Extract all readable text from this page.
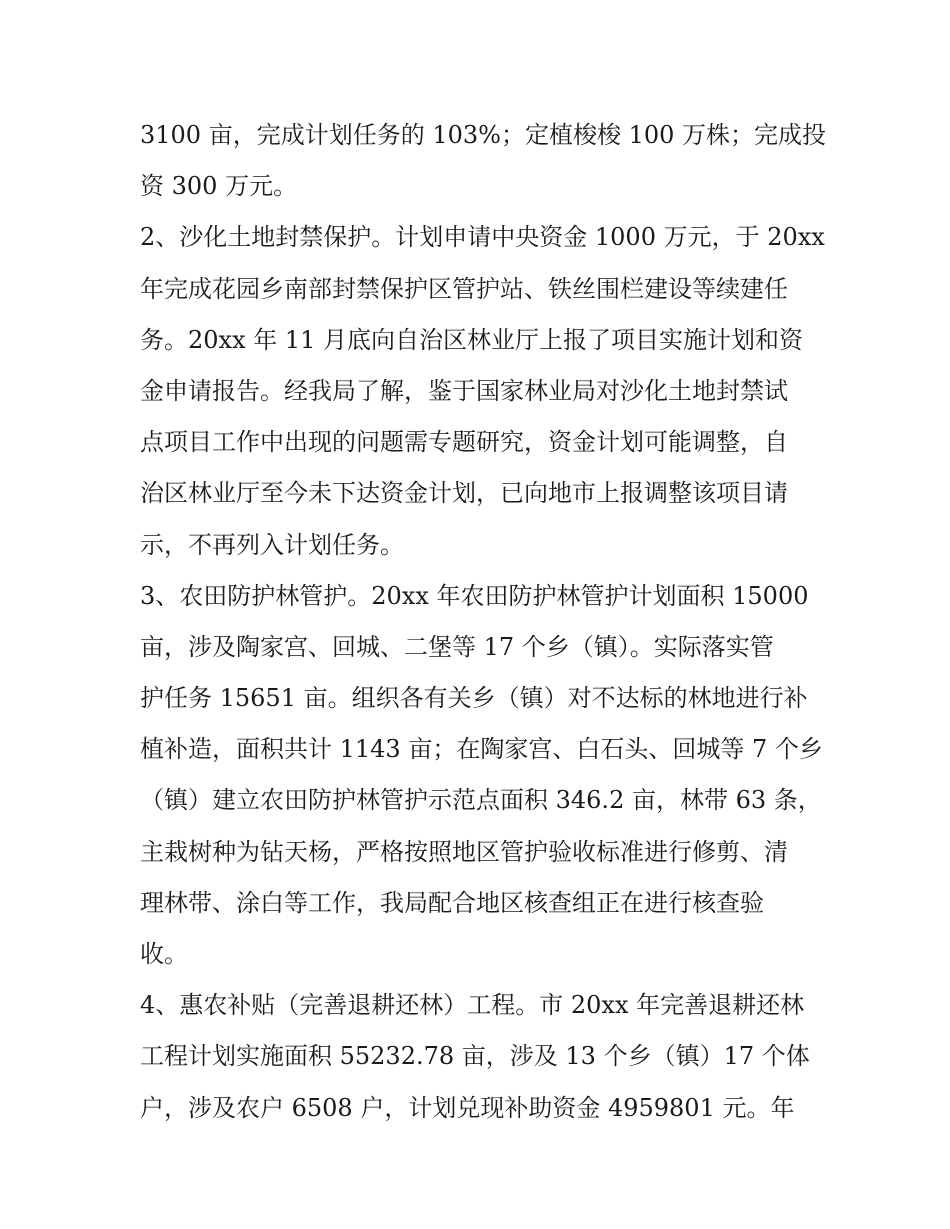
3100 亩，完成计划任务的 103%；定植梭梭 100 万株；完成投
资 300 万元。
2、沙化土地封禁保护。计划申请中央资金 1000 万元，于 20xx
年完成花园乡南部封禁保护区管护站、铁丝围栏建设等续建任
务。20xx 年 11 月底向自治区林业厅上报了项目实施计划和资
金申请报告。经我局了解，鉴于国家林业局对沙化土地封禁试
点项目工作中出现的问题需专题研究，资金计划可能调整，自
治区林业厅至今未下达资金计划，已向地市上报调整该项目请
示，不再列入计划任务。
3、农田防护林管护。20xx 年农田防护林管护计划面积 15000
亩，涉及陶家宫、回城、二堡等 17 个乡（镇）。实际落实管
护任务 15651 亩。组织各有关乡（镇）对不达标的林地进行补
植补造，面积共计 1143 亩；在陶家宫、白石头、回城等 7 个乡
（镇）建立农田防护林管护示范点面积 346.2 亩，林带 63 条，
主栽树种为钻天杨，严格按照地区管护验收标准进行修剪、清
理林带、涂白等工作，我局配合地区核查组正在进行核查验
收。
4、惠农补贴（完善退耕还林）工程。市 20xx 年完善退耕还林
工程计划实施面积 55232.78 亩，涉及 13 个乡（镇）17 个体
户，涉及农户 6508 户，计划兑现补助资金 4959801 元。年
